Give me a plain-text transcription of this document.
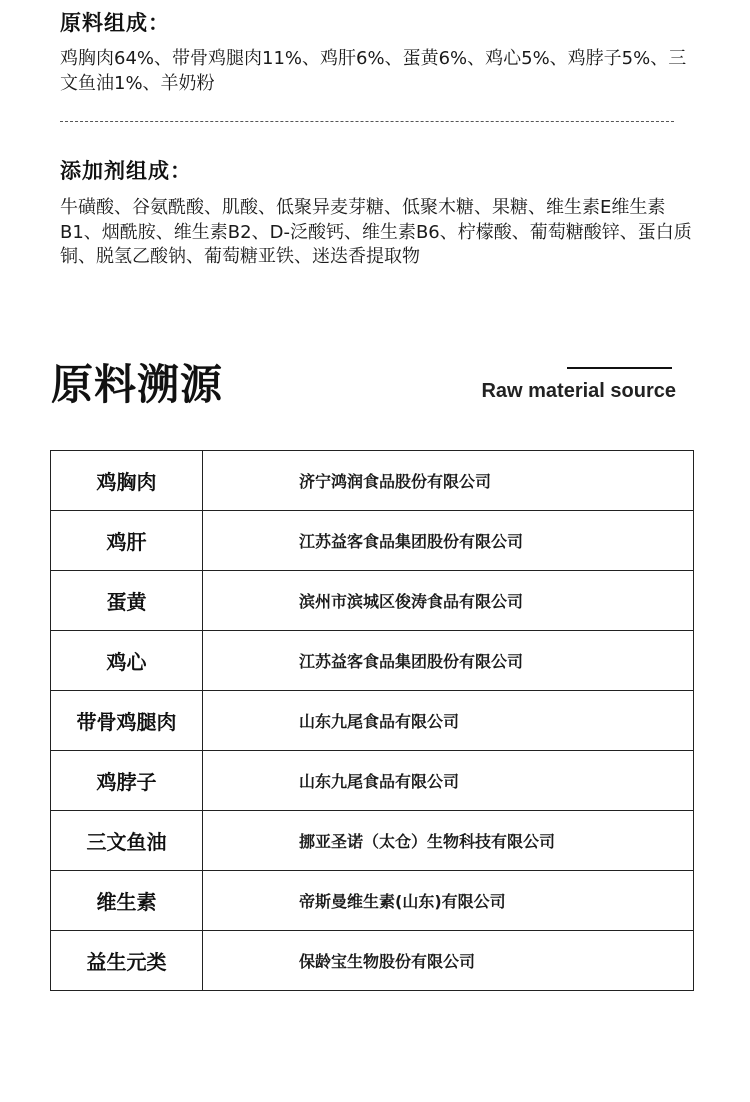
原料组成：

鸡胸肉64%、带骨鸡腿肉11%、鸡肝6%、蛋黄6%、鸡心5%、鸡脖子5%、三文鱼油1%、羊奶粉

添加剂组成：

牛磺酸、谷氨酰酸、肌酸、低聚异麦芽糖、低聚木糖、果糖、维生素E维生素B1、烟酰胺、维生素B2、D-泛酸钙、维生素B6、柠檬酸、葡萄糖酸锌、蛋白质铜、脱氢乙酸钠、葡萄糖亚铁、迷迭香提取物

原料溯源	Raw material source

鸡胸肉	济宁鸿润食品股份有限公司
鸡肝	江苏益客食品集团股份有限公司
蛋黄	滨州市滨城区俊涛食品有限公司
鸡心	江苏益客食品集团股份有限公司
带骨鸡腿肉	山东九尾食品有限公司
鸡脖子	山东九尾食品有限公司
三文鱼油	挪亚圣诺（太仓）生物科技有限公司
维生素	帝斯曼维生素(山东)有限公司
益生元类	保龄宝生物股份有限公司
